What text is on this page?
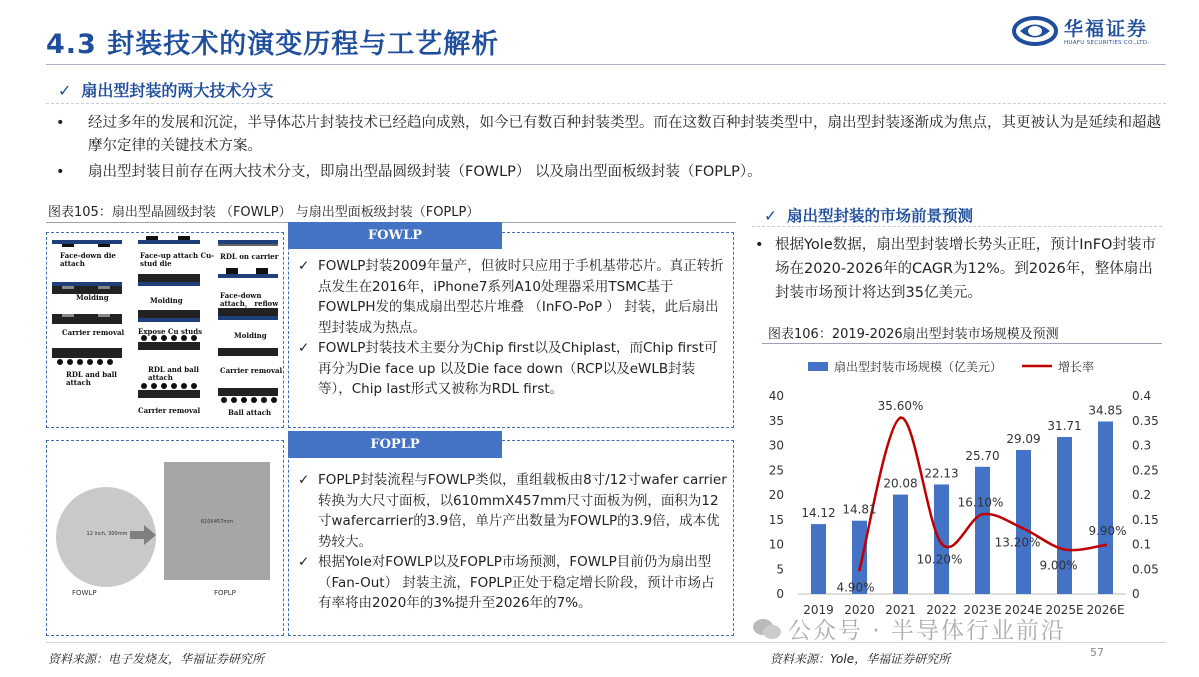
4.3 封装技术的演变历程与工艺解析	华福证券
HUAFU SECURITIES CO.,LTD.
✓ 扇出型封装的两大技术分支
• 经过多年的发展和沉淀，半导体芯片封装技术已经趋向成熟，如今已有数百种封装类型。而在这数百种封装类型中，扇出型封装逐渐成为焦点，其更被认为是延续和超越摩尔定律的关键技术方案。
• 扇出型封装目前存在两大技术分支，即扇出型晶圆级封装（FOWLP） 以及扇出型面板级封装（FOPLP）。
图表105：扇出型晶圆级封装 （FOWLP） 与扇出型面板级封装（FOPLP）
Face-down die attach
Molding
Carrier removal
RDL and ball attach
Face-up attach Cu-stud die
Molding
Expose Cu studs
RDL and ball attach
Carrier removal
RDL on carrier
Face-down attach， reflow
Molding
Carrier removal
Ball attach
FOWLP
✓ FOWLP封装2009年量产，但彼时只应用于手机基带芯片。真正转折点发生在2016年，iPhone7系列A10处理器采用TSMC基于FOWLPH发的集成扇出型芯片堆叠 （InFO-PoP ） 封装，此后扇出型封装成为热点。
✓ FOWLP封装技术主要分为Chip first以及Chiplast，而Chip first可再分为Die face up 以及Die face down（RCP以及eWLB封装等），Chip last形式又被称为RDL first。
12 inch, 300mm
610X457mm
FOWLP	FOPLP
FOPLP
✓ FOPLP封装流程与FOWLP类似，重组载板由8寸/12寸wafer carrier转换为大尺寸面板，以610mmX457mm尺寸面板为例，面积为12寸wafercarrier的3.9倍，单片产出数量为FOWLP的3.9倍，成本优势较大。
✓ 根据Yole对FOWLP以及FOPLP市场预测，FOWLP目前仍为扇出型 （Fan-Out） 封装主流，FOPLP正处于稳定增长阶段，预计市场占有率将由2020年的3%提升至2026年的7%。
✓ 扇出型封装的市场前景预测
• 根据Yole数据，扇出型封装增长势头正旺，预计InFO封装市场在2020-2026年的CAGR为12%。到2026年，整体扇出封装市场预计将达到35亿美元。
图表106：2019-2026扇出型封装市场规模及预测
扇出型封装市场规模（亿美元）	增长率
0
5
10
15
20
25
30
35
40
0
0.05
0.1
0.15
0.2
0.25
0.3
0.35
0.4
2019 2020 2021 2022 2023E 2024E 2025E 2026E
14.12 14.81
20.08
22.13
25.70
29.09
31.71
34.85
4.90%
35.60%
10.20%
16.10%
13.20%
9.00%
9.90%
资料来源：电子发烧友，华福证券研究所	资料来源：Yole，华福证券研究所
公众号 · 半导体行业前沿
57
